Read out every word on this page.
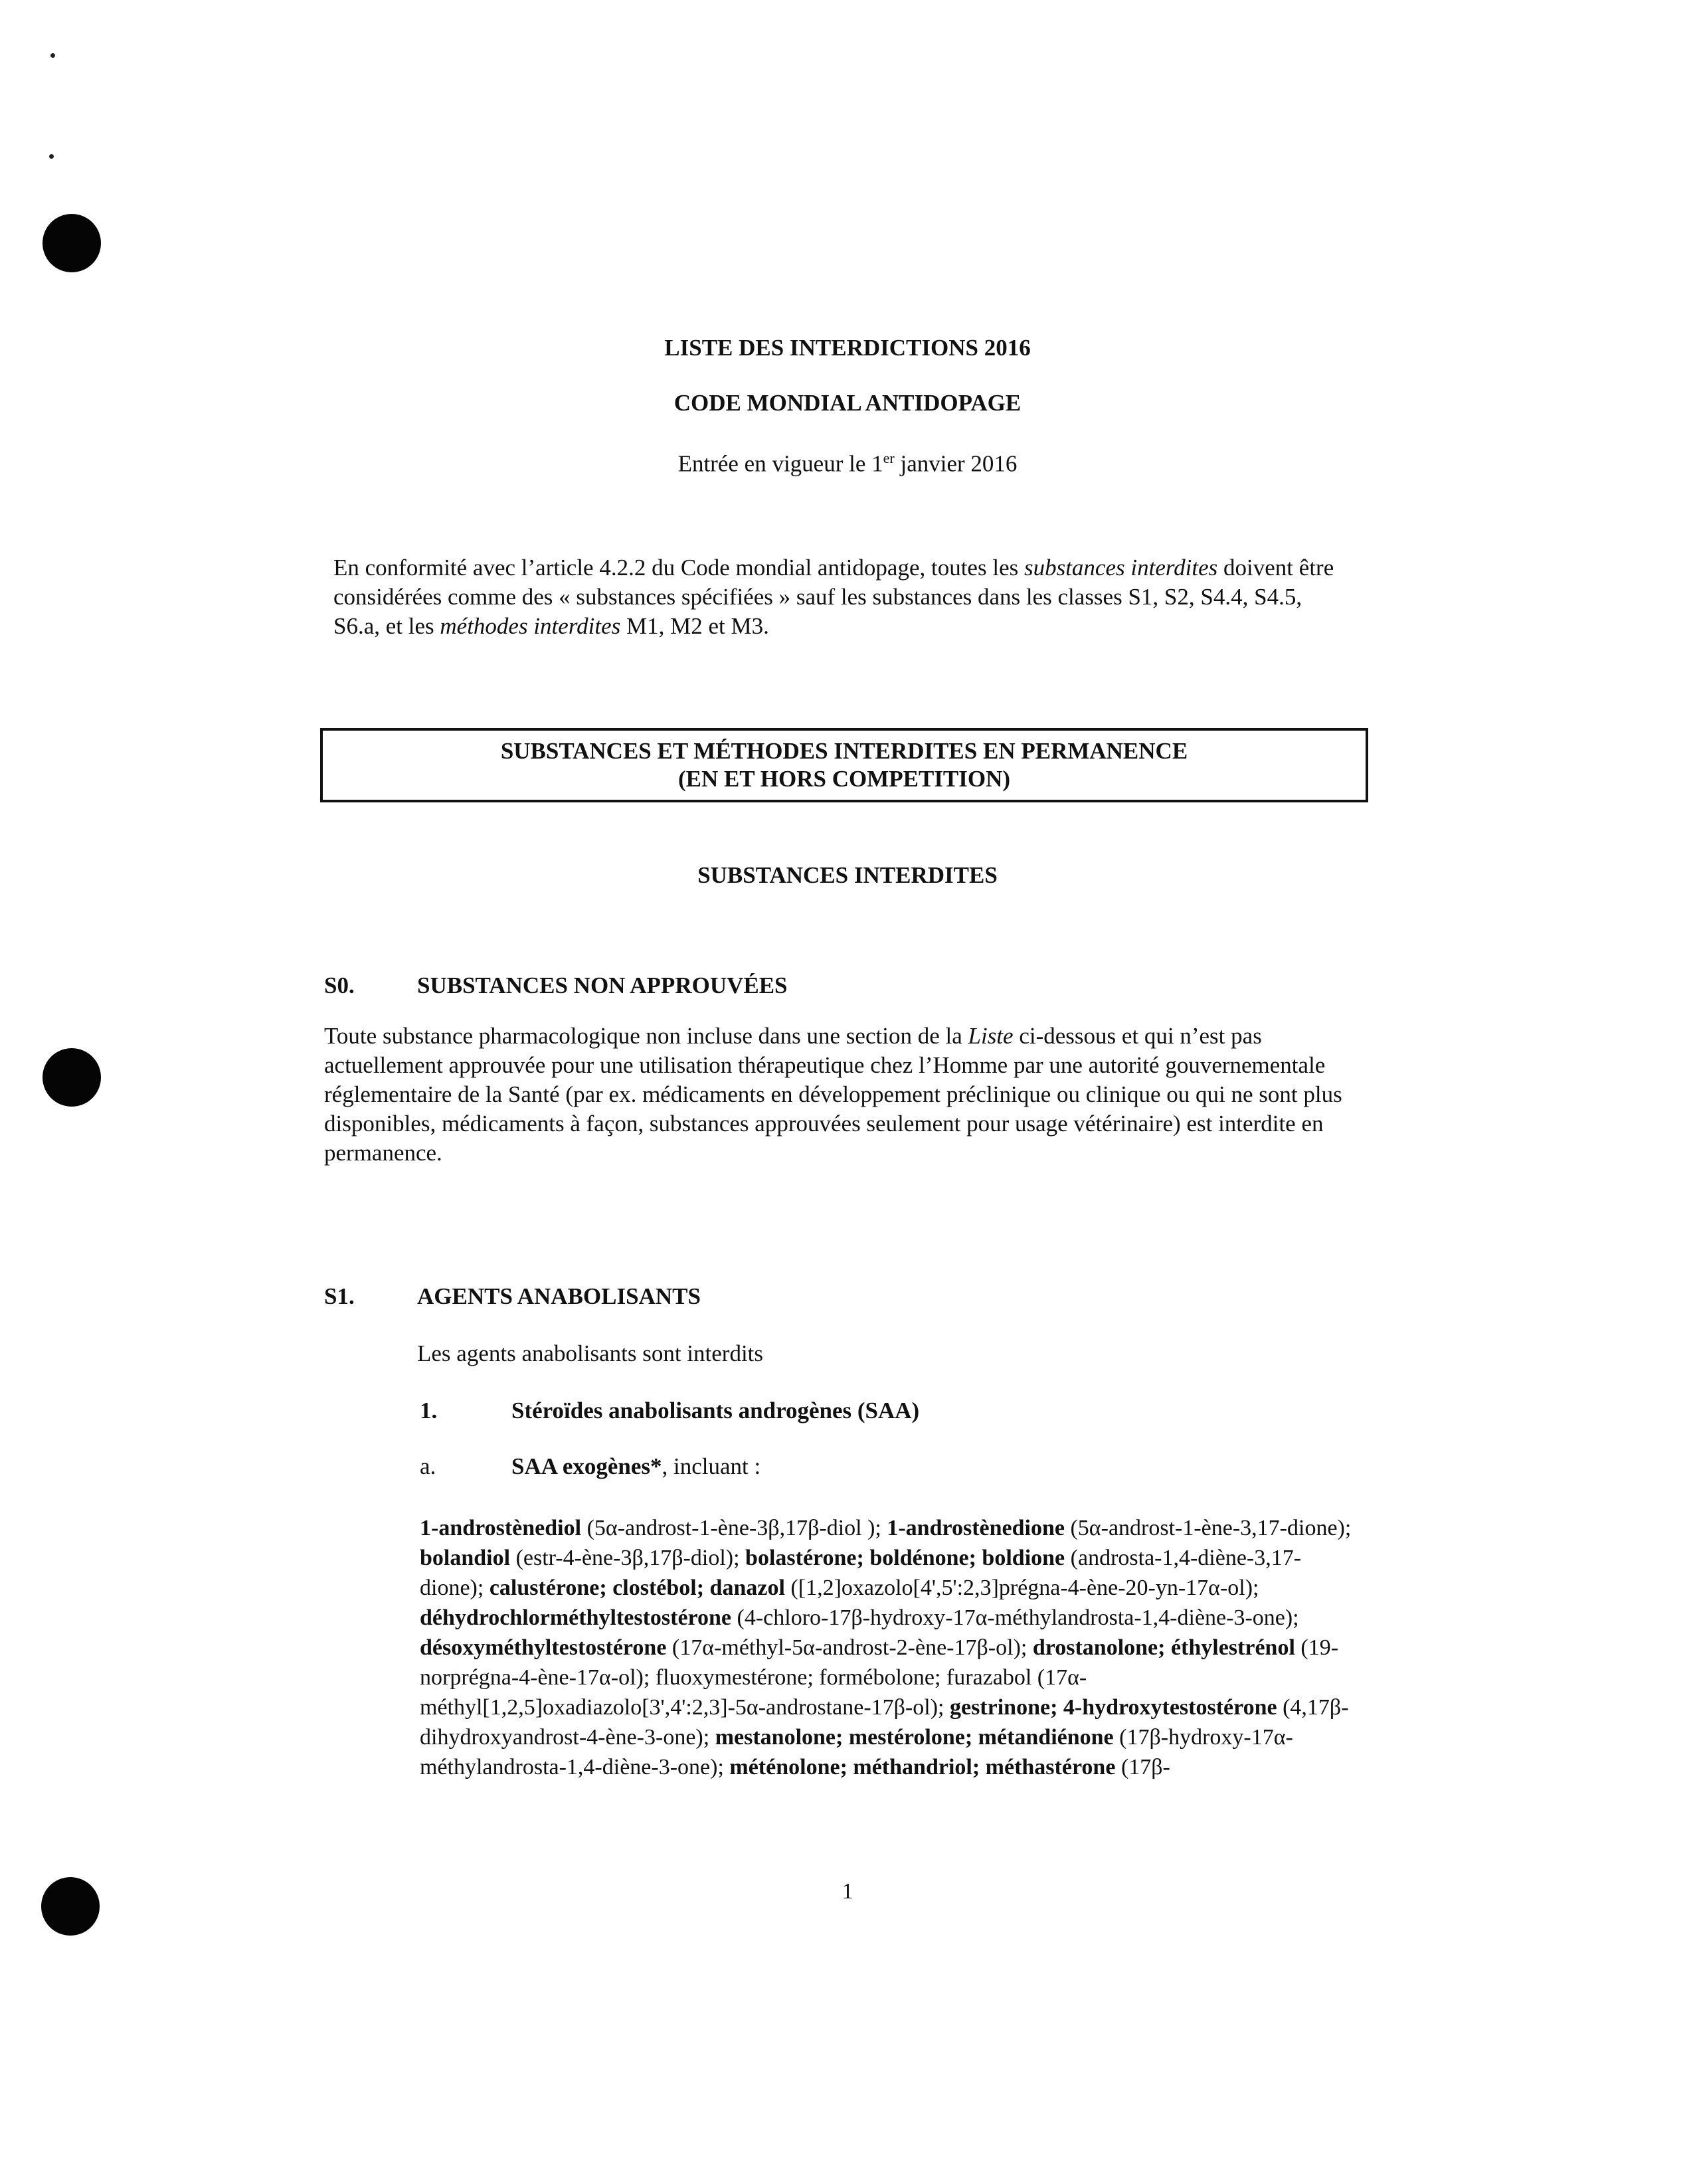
LISTE DES INTERDICTIONS 2016
CODE MONDIAL ANTIDOPAGE
Entrée en vigueur le 1er janvier 2016

En conformité avec l’article 4.2.2 du Code mondial antidopage, toutes les substances interdites doivent être considérées comme des « substances spécifiées » sauf les substances dans les classes S1, S2, S4.4, S4.5, S6.a, et les méthodes interdites M1, M2 et M3.

SUBSTANCES ET MÉTHODES INTERDITES EN PERMANENCE
(EN ET HORS COMPETITION)
SUBSTANCES INTERDITES
S0.	SUBSTANCES NON APPROUVÉES

Toute substance pharmacologique non incluse dans une section de la Liste ci-dessous et qui n’est pas actuellement approuvée pour une utilisation thérapeutique chez l’Homme par une autorité gouvernementale réglementaire de la Santé (par ex. médicaments en développement préclinique ou clinique ou qui ne sont plus disponibles, médicaments à façon, substances approuvées seulement pour usage vétérinaire) est interdite en permanence.

S1.	AGENTS ANABOLISANTS
Les agents anabolisants sont interdits
1.	Stéroïdes anabolisants androgènes (SAA)
a.	SAA exogènes*, incluant :

1-androstènediol (5α-androst-1-ène-3β,17β-diol ); 1-androstènedione (5α-androst-1-ène-3,17-dione); bolandiol (estr-4-ène-3β,17β-diol); bolastérone; boldénone; boldione (androsta-1,4-diène-3,17-dione); calustérone; clostébol; danazol ([1,2]oxazolo[4',5':2,3]prégna-4-ène-20-yn-17α-ol); déhydrochlorméthyltestostérone (4-chloro-17β-hydroxy-17α-méthylandrosta-1,4-diène-3-one); désoxyméthyltestostérone (17α-méthyl-5α-androst-2-ène-17β-ol); drostanolone; éthylestrénol (19-norprégna-4-ène-17α-ol); fluoxymestérone; formébolone; furazabol (17α-méthyl[1,2,5]oxadiazolo[3',4':2,3]-5α-androstane-17β-ol); gestrinone; 4-hydroxytestostérone (4,17β-dihydroxyandrost-4-ène-3-one); mestanolone; mestérolone; métandiénone (17β-hydroxy-17α-méthylandrosta-1,4-diène-3-one); méténolone; méthandriol; méthastérone (17β-

1
